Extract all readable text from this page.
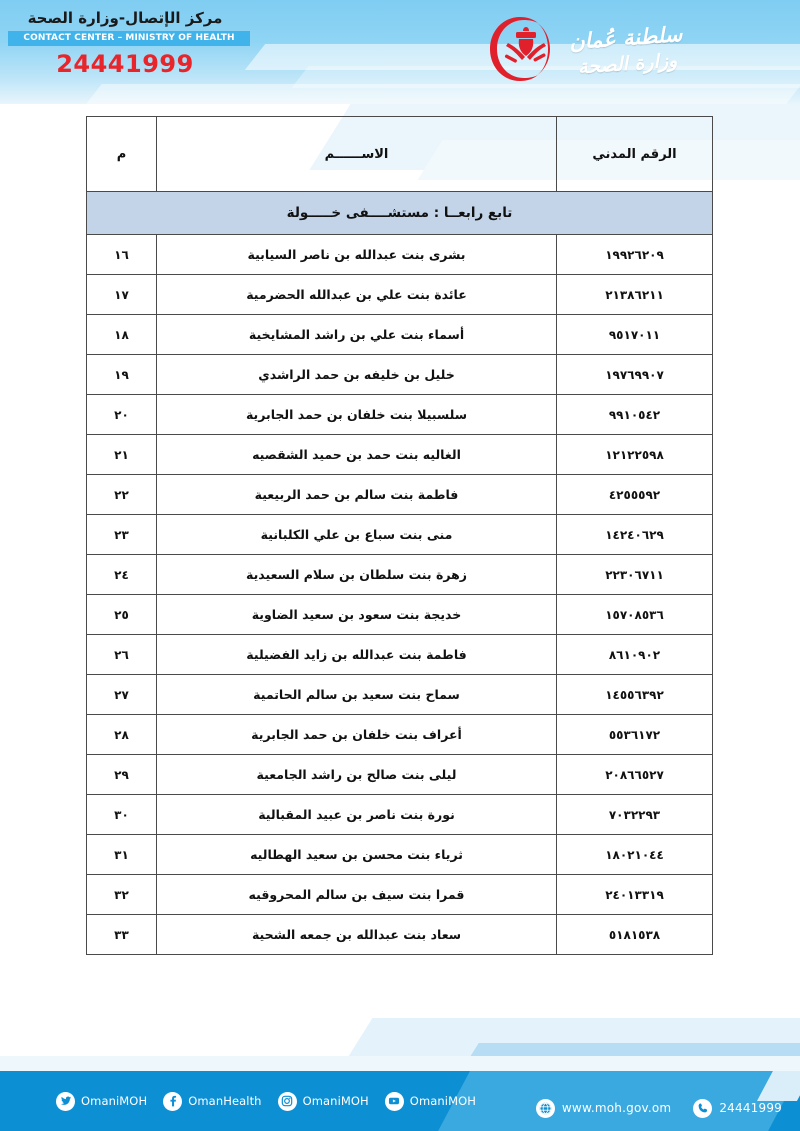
مركز الإتصال-وزارة الصحة
CONTACT CENTER – MINISTRY OF HEALTH
24441999
سلطنة عُمان
وزارة الصحة
الرقم المدني	الاســــــم	م

تابع رابعــا : مستشــــفى خـــــولة		

١٩٩٢٦٢٠٩	بشرى بنت عبدالله بن ناصر السيابية	١٦

٢١٣٨٦٢١١	عائدة بنت علي بن عبدالله الحضرمية	١٧

٩٥١٧٠١١	أسماء بنت علي بن راشد المشايخية	١٨

١٩٧٦٩٩٠٧	خليل بن خليفه بن حمد الراشدي	١٩

٩٩١٠٥٤٢	سلسبيلا بنت خلفان بن حمد الجابرية	٢٠

١٢١٢٢٥٩٨	الغاليه بنت حمد بن حميد الشقصيه	٢١

٤٢٥٥٥٩٢	فاطمة بنت سالم بن حمد الربيعية	٢٢

١٤٢٤٠٦٢٩	منى بنت سباع بن علي الكلبانية	٢٣

٢٢٣٠٦٧١١	زهرة بنت سلطان بن سلام السعيدية	٢٤

١٥٧٠٨٥٣٦	خديجة بنت سعود بن سعيد الضاوية	٢٥

٨٦١٠٩٠٢	فاطمة بنت عبدالله بن زايد الفضيلية	٢٦

١٤٥٥٦٣٩٢	سماح بنت سعيد بن سالم الحاتمية	٢٧

٥٥٣٦١٧٢	أعراف بنت خلفان بن حمد الجابرية	٢٨

٢٠٨٦٦٥٢٧	ليلى بنت صالح بن راشد الجامعية	٢٩

٧٠٣٢٢٩٣	نورة بنت ناصر بن عبيد المقبالية	٣٠

١٨٠٢١٠٤٤	ثرياء بنت محسن بن سعيد الهطاليه	٣١

٢٤٠١٣٣١٩	قمرا بنت سيف بن سالم المحروقيه	٣٢

٥١٨١٥٣٨	سعاد بنت عبدالله بن جمعه الشحية	٣٣
OmaniMOH	OmanHealth	OmaniMOH	OmaniMOH	www.moh.gov.om	24441999
